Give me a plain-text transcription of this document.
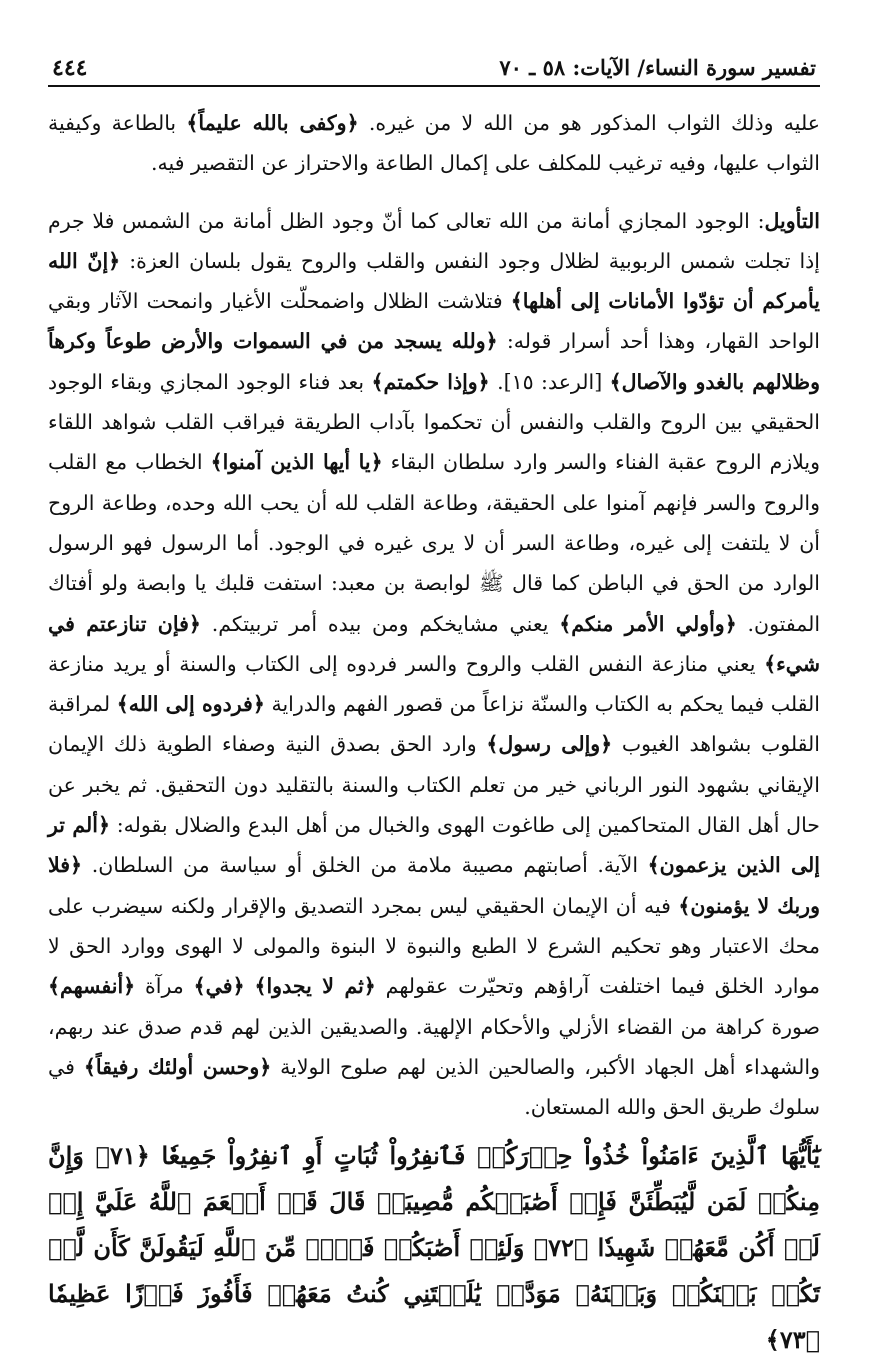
تفسير سورة النساء/ الآيات: ٥٨ ـ ٧٠
٤٤٤

عليه وذلك الثواب المذكور هو من الله لا من غيره. ﴿وكفى بالله عليماً﴾ بالطاعة وكيفية الثواب عليها، وفيه ترغيب للمكلف على إكمال الطاعة والاحتراز عن التقصير فيه.

التأويل: الوجود المجازي أمانة من الله تعالى كما أنّ وجود الظل أمانة من الشمس فلا جرم إذا تجلت شمس الربوبية لظلال وجود النفس والقلب والروح يقول بلسان العزة: ﴿إنّ الله يأمركم أن تؤدّوا الأمانات إلى أهلها﴾ فتلاشت الظلال واضمحلّت الأغيار وانمحت الآثار وبقي الواحد القهار، وهذا أحد أسرار قوله: ﴿ولله يسجد من في السموات والأرض طوعاً وكرهاً وظلالهم بالغدو والآصال﴾ [الرعد: ١٥]. ﴿وإذا حكمتم﴾ بعد فناء الوجود المجازي وبقاء الوجود الحقيقي بين الروح والقلب والنفس أن تحكموا بآداب الطريقة فيراقب القلب شواهد اللقاء ويلازم الروح عقبة الفناء والسر وارد سلطان البقاء ﴿يا أيها الذين آمنوا﴾ الخطاب مع القلب والروح والسر فإنهم آمنوا على الحقيقة، وطاعة القلب لله أن يحب الله وحده، وطاعة الروح أن لا يلتفت إلى غيره، وطاعة السر أن لا يرى غيره في الوجود. أما الرسول فهو الرسول الوارد من الحق في الباطن كما قال ﷺ لوابصة بن معبد: استفت قلبك يا وابصة ولو أفتاك المفتون. ﴿وأولي الأمر منكم﴾ يعني مشايخكم ومن بيده أمر تربيتكم. ﴿فإن تنازعتم في شيء﴾ يعني منازعة النفس القلب والروح والسر فردوه إلى الكتاب والسنة أو يريد منازعة القلب فيما يحكم به الكتاب والسنّة نزاعاً من قصور الفهم والدراية ﴿فردوه إلى الله﴾ لمراقبة القلوب بشواهد الغيوب ﴿وإلى رسول﴾ وارد الحق بصدق النية وصفاء الطوية ذلك الإيمان الإيقاني بشهود النور الرباني خير من تعلم الكتاب والسنة بالتقليد دون التحقيق. ثم يخبر عن حال أهل القال المتحاكمين إلى طاغوت الهوى والخبال من أهل البدع والضلال بقوله: ﴿ألم تر إلى الذين يزعمون﴾ الآية. أصابتهم مصيبة ملامة من الخلق أو سياسة من السلطان. ﴿فلا وربك لا يؤمنون﴾ فيه أن الإيمان الحقيقي ليس بمجرد التصديق والإقرار ولكنه سيضرب على محك الاعتبار وهو تحكيم الشرع لا الطبع والنبوة لا البنوة والمولى لا الهوى ووارد الحق لا موارد الخلق فيما اختلفت آراؤهم وتحيّرت عقولهم ﴿ثم لا يجدوا﴾ ﴿في﴾ مرآة ﴿أنفسهم﴾ صورة كراهة من القضاء الأزلي والأحكام الإلهية. والصديقين الذين لهم قدم صدق عند ربهم، والشهداء أهل الجهاد الأكبر، والصالحين الذين لهم صلوح الولاية ﴿وحسن أولئك رفيقاً﴾ في سلوك طريق الحق والله المستعان.

يَٰٓأَيُّهَا ٱلَّذِينَ ءَامَنُواْ خُذُواْ حِذۡرَكُمۡ فَٱنفِرُواْ ثُبَاتٍ أَوِ ٱنفِرُواْ جَمِيعٗا ﴿٧١﴾ وَإِنَّ مِنكُمۡ لَمَن لَّيُبَطِّئَنَّ فَإِنۡ أَصَٰبَتۡكُم مُّصِيبَةٞ قَالَ قَدۡ أَنۡعَمَ ٱللَّهُ عَلَيَّ إِذۡ لَمۡ أَكُن مَّعَهُمۡ شَهِيدٗا ﴿٧٢﴾ وَلَئِنۡ أَصَٰبَكُمۡ فَضۡلٞ مِّنَ ٱللَّهِ لَيَقُولَنَّ كَأَن لَّمۡ تَكُنۢ بَيۡنَكُمۡ وَبَيۡنَهُۥ مَوَدَّةٞ يَٰلَيۡتَنِي كُنتُ مَعَهُمۡ فَأَفُوزَ فَوۡزًا عَظِيمٗا ﴿٧٣﴾
